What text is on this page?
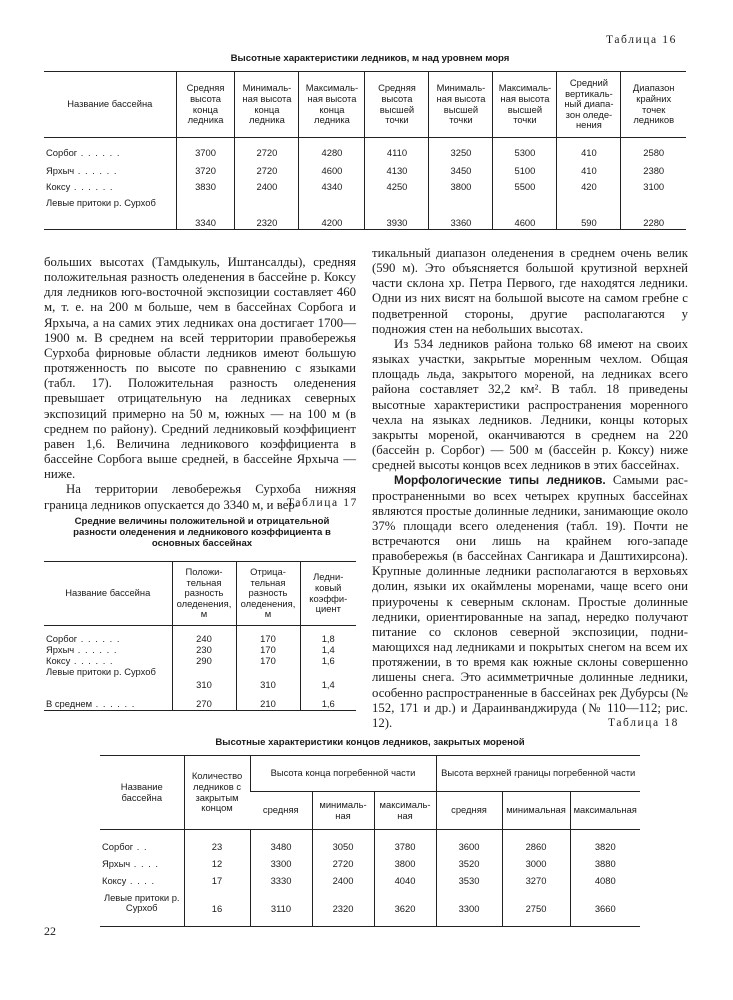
Таблица 16
Высотные характеристики ледников, м над уровнем моря
Название бассейна	Средняя высота конца ледника	Минимальная высота конца ледника	Максимальная высота конца ледника	Средняя высота высшей точки	Минимальная высота высшей точки	Максимальная высота высшей точки	Средний вертикальный диапазон оледенения	Диапазон крайних точек ледников

Сорбог . . .	3700	2720	4280	4110	3250	5300	410	2580
Ярхыч . . .	3720	2720	4600	4130	3450	5100	410	2380
Коксу . . .	3830	2400	4340	4250	3800	5500	420	3100
Левые притоки р. Сурхоб	3340	2320	4200	3930	3360	4600	590	2280

больших высотах (Тамдыкуль, Иштансалды), средняя положительная разность оледенения в бассейне р. Коксу для ледников юго-восточной экспозиции составляет 460 м, т. е. на 200 м больше, чем в бассейнах Сорбога и Ярхыча, а на самих этих ледниках она достигает 1700—1900 м. В среднем на всей территории правобережья Сурхоба фирновые области ледников имеют большую протяженность по высоте по сравнению с языками (табл. 17). Положительная разность оледенения превышает отрицательную на ледниках северных экспозиций примерно на 50 м, южных — на 100 м (в среднем по району). Средний ледниковый коэффициент равен 1,6. Величина ледникового коэффициента в бассейне Сорбога выше средней, в бассейне Ярхыча — ниже.

На территории левобережья Сурхоба нижняя граница ледников опускается до 3340 м, и вер-

Таблица 17
Средние величины положительной и отрицательной разности оледенения и ледникового коэффициента в основных бассейнах
Название бассейна	Положительная разность оледенения, м	Отрицательная разность оледенения, м	Ледниковый коэффициент

Сорбог . . .	240	170	1,8
Ярхыч . . .	230	170	1,4
Коксу . . .	290	170	1,6
Левые притоки р. Сурхоб	310	310	1,4
В среднем . . .	270	210	1,6

тикальный диапазон оледенения в среднем очень велик (590 м). Это объясняется большой крутизной верхней части склона хр. Петра Первого, где находятся ледники. Одни из них висят на большой высоте на самом гребне с подветренной стороны, другие располагаются у подножия стен на небольших высотах.

Из 534 ледников района только 68 имеют на своих языках участки, закрытые моренным чехлом. Общая площадь льда, закрытого мореной, на ледниках всего района составляет 32,2 км². В табл. 18 приведены высотные характеристики распространения моренного чехла на языках ледников. Ледники, концы которых закрыты мореной, оканчиваются в среднем на 220 (бассейн р. Сорбог) — 500 м (бассейн р. Коксу) ниже средней высоты концов всех ледников в этих бассейнах.

Морфологические типы ледников. Самыми распространенными во всех четырех крупных бассейнах являются простые долинные ледники, занимающие около 37% площади всего оледенения (табл. 19). Почти не встречаются они лишь на крайнем юго-западе правобережья (в бассейнах Сангикара и Даштихирсона). Крупные долинные ледники располагаются в верховьях долин, языки их окаймлены моренами, чаще всего они приурочены к северным склонам. Простые долинные ледники, ориентированные на запад, нередко получают питание со склонов северной экспозиции, поднимающихся над ледниками и покрытых снегом на всем их протяжении, в то время как южные склоны совершенно лишены снега. Это асимметричные долинные ледники, особенно распространенные в бассейнах рек Дубурсы (№ 152, 171 и др.) и Дараинванджируда (№ 110—112; рис. 12).	Таблица 18
Высотные характеристики концов ледников, закрытых мореной
Название бассейна	Количество ледников с закрытым концом	Высота конца погребенной части			Высота верхней границы погребенной части		
		средняя	минимальная	максимальная	средняя	минимальная	максимальная

Сорбог . .	23	3480	3050	3780	3600	2860	3820
Ярхыч . . . .	12	3300	2720	3800	3520	3000	3880
Коксу . . . .	17	3330	2400	4040	3530	3270	4080
Левые притоки р. Сурхоб	16	3110	2320	3620	3300	2750	3660
22
